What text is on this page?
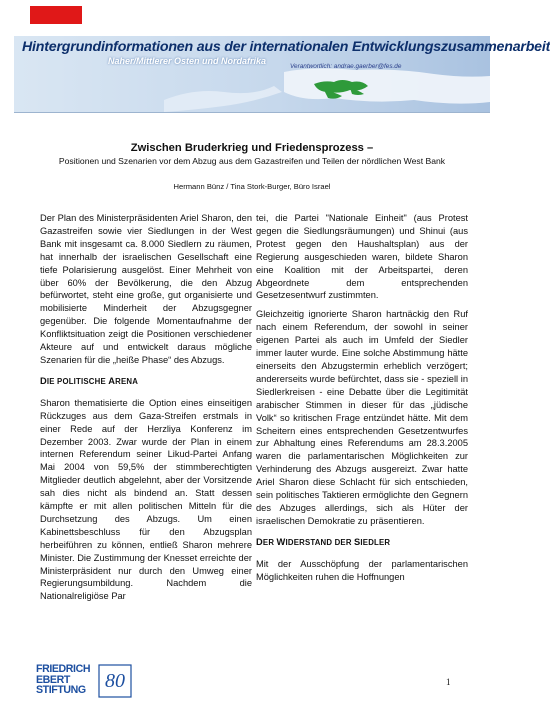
Hintergrundinformationen aus der internationalen Entwicklungszusammenarbeit
Naher/Mittlerer Osten und Nordafrika
Verantwortlich: andrae.gaerber@fes.de
Zwischen Bruderkrieg und Friedensprozess –
Positionen und Szenarien vor dem Abzug aus dem Gazastreifen und Teilen der nördlichen West Bank
Hermann Bünz / Tina Stork-Burger, Büro Israel

Der Plan des Ministerpräsidenten Ariel Sharon, den Gazastreifen sowie vier Siedlungen in der West Bank mit insgesamt ca. 8.000 Siedlern zu räumen, hat innerhalb der israelischen Gesellschaft eine tiefe Polarisierung ausgelöst. Einer Mehrheit von über 60% der Bevölkerung, die den Abzug befürwortet, steht eine große, gut organisierte und mobilisierte Minderheit der Abzugsgegner gegenüber. Die folgende Momentaufnahme der Konfliktsituation zeigt die Positionen verschiedener Akteure auf und entwickelt daraus mögliche Szenarien für die „heiße Phase“ des Abzugs.

DIE POLITISCHE ARENA

Sharon thematisierte die Option eines einseitigen Rückzuges aus dem Gaza-Streifen erstmals in einer Rede auf der Herzliya Konferenz im Dezember 2003. Zwar wurde der Plan in einem internen Referendum seiner Likud-Partei Anfang Mai 2004 von 59,5% der stimmberechtigten Mitglieder deutlich abgelehnt, aber der Vorsitzende sah dies nicht als bindend an. Statt dessen kämpfte er mit allen politischen Mitteln für die Durchsetzung des Abzugs. Um einen Kabinettsbeschluss für den Abzugsplan herbeiführen zu können, entließ Sharon mehrere Minister. Die Zustimmung der Knesset erreichte der Ministerpräsident nur durch den Umweg einer Regierungsumbildung. Nachdem die Nationalreligiöse Par

tei, die Partei "Nationale Einheit" (aus Protest gegen die Siedlungsräumungen) und Shinui (aus Protest gegen den Haushaltsplan) aus der Regierung ausgeschieden waren, bildete Sharon eine Koalition mit der Arbeitspartei, deren Abgeordnete dem entsprechenden Gesetzesentwurf zustimmten.

Gleichzeitig ignorierte Sharon hartnäckig den Ruf nach einem Referendum, der sowohl in seiner eigenen Partei als auch im Umfeld der Siedler immer lauter wurde. Eine solche Abstimmung hätte einerseits den Abzugstermin erheblich verzögert; andererseits wurde befürchtet, dass sie - speziell in Siedlerkreisen - eine Debatte über die Legitimität arabischer Stimmen in dieser für das „jüdische Volk“ so kritischen Frage entzündet hätte. Mit dem Scheitern eines entsprechenden Gesetzentwurfes zur Abhaltung eines Referendums am 28.3.2005 waren die parlamentarischen Möglichkeiten zur Verhinderung des Abzugs ausgereizt. Zwar hatte Ariel Sharon diese Schlacht für sich entschieden, sein politisches Taktieren ermöglichte den Gegnern des Abzuges allerdings, sich als Hüter der israelischen Demokratie zu präsentieren.

DER WIDERSTAND DER SIEDLER

Mit der Ausschöpfung der parlamentarischen Möglichkeiten ruhen die Hoffnungen

FRIEDRICH
EBERT
STIFTUNG 80	1
